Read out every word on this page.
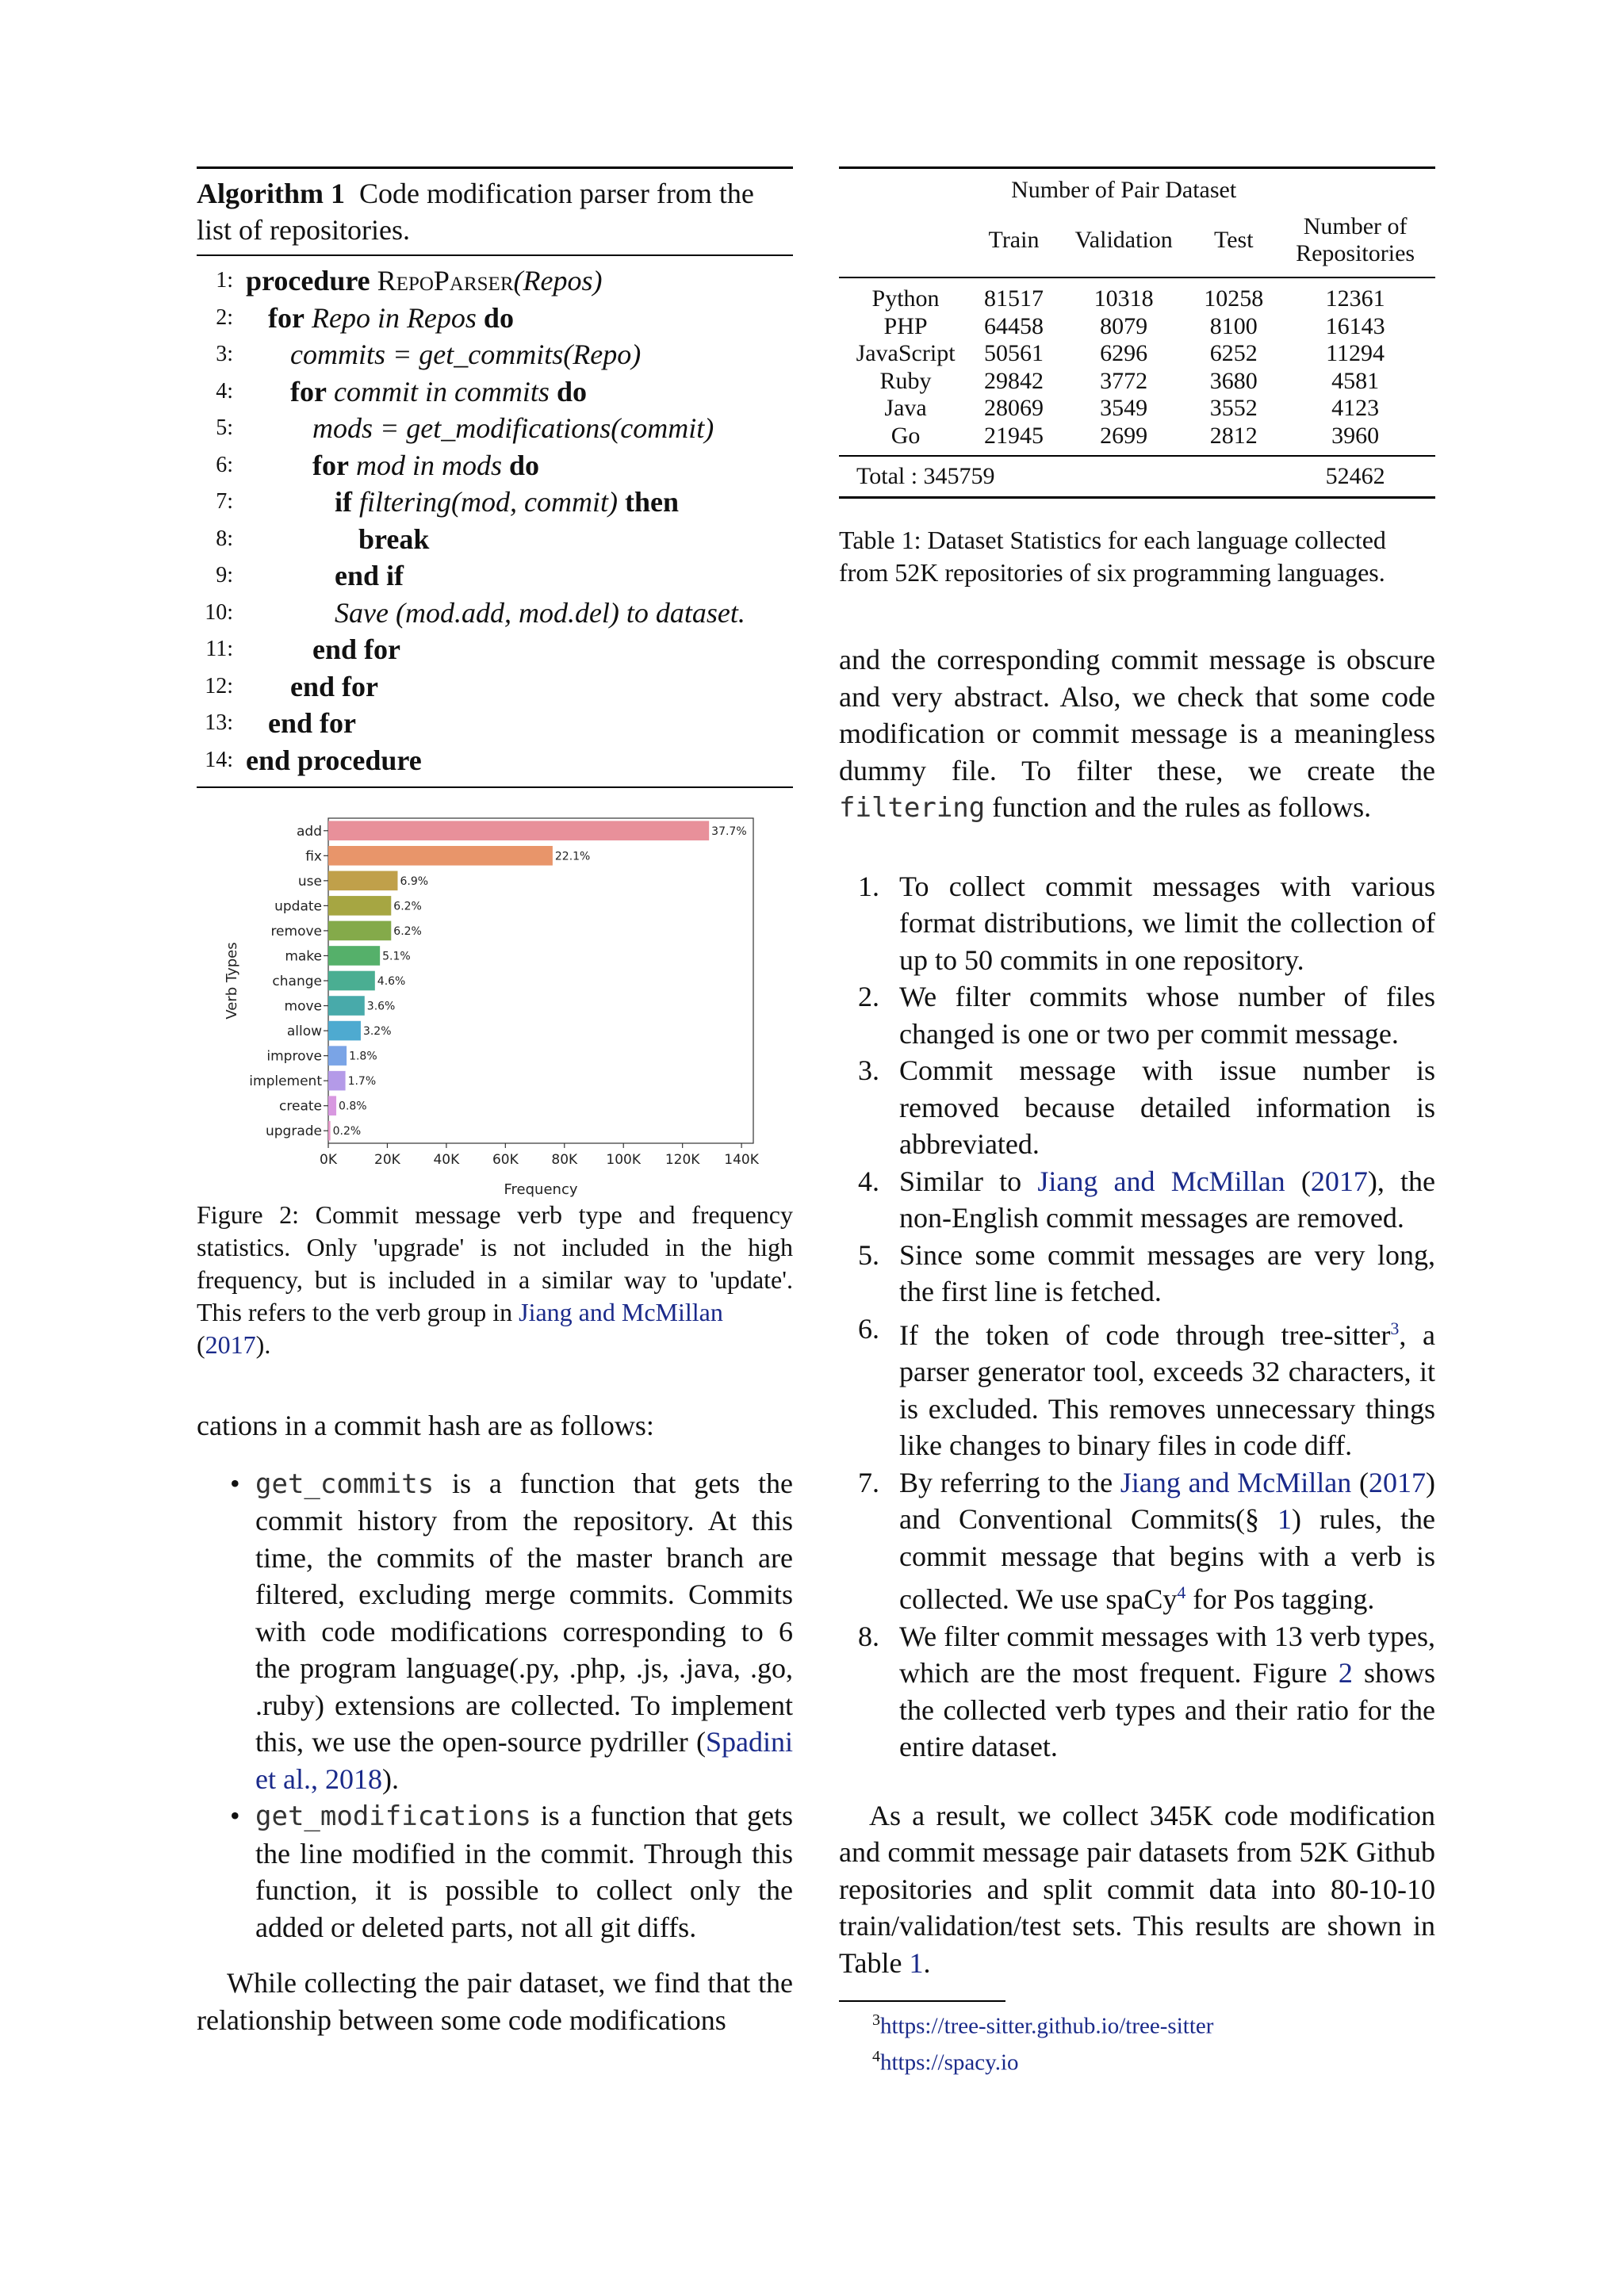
Algorithm 1 Code modification parser from the list of repositories.
1: procedure RepoParser(Repos)
2: for Repo in Repos do
3: commits = get_commits(Repo)
4: for commit in commits do
5:	mods = get_modifications(commit)
6:	for mod in mods do
7:	if filtering(mod, commit) then
8:	break
9:	end if
10:	Save (mod.add, mod.del) to dataset.
11:	end for
12: end for
13: end for
14: end procedure
add	37.7%
fix	22.1%
use	6.9%
update	6.2%
remove	6.2%
make	5.1%
change	4.6%
move	3.6%
allow	3.2%
improve 1.8%
implement 1.7%
create 0.8%
upgrade 0.2%
0K	20K 40K 60K 80K 100K 120K 140K
Frequency
Verb Types
Figure 2: Commit message verb type and frequency statistics. Only 'upgrade' is not included in the high frequency, but is included in a similar way to 'update'. This refers to the verb group in Jiang and McMillan
(2017).
cations in a commit hash are as follows:
• get_commits is a function that gets the commit history from the repository. At this time, the commits of the master branch are filtered, excluding merge commits. Commits with code modifications corresponding to 6 the program language(.py, .php, .js, .java, .go, .ruby) extensions are collected. To implement this, we use the open-source pydriller (Spadini et al., 2018).
• get_modifications is a function that gets the line modified in the commit. Through this function, it is possible to collect only the added or deleted parts, not all git diffs.
While collecting the pair dataset, we find that the relationship between some code modifications
	Number of Pair Dataset			
	Train	Validation	Test	Number of
Repositories

Python	81517	10318	10258	12361
PHP	64458	8079	8100	16143
JavaScript	50561	6296	6252	11294
Ruby	29842	3772	3680	4581
Java	28069	3549	3552	4123
Go	21945	2699	2812	3960

Total : 345759				52462
Table 1: Dataset Statistics for each language collected from 52K repositories of six programming languages.
and the corresponding commit message is obscure and very abstract. Also, we check that some code modification or commit message is a meaningless dummy file. To filter these, we create the filtering function and the rules as follows.
1. To collect commit messages with various format distributions, we limit the collection of up to 50 commits in one repository.
2. We filter commits whose number of files changed is one or two per commit message.
3. Commit message with issue number is removed because detailed information is abbreviated.
4. Similar to Jiang and McMillan (2017), the non-English commit messages are removed.
5. Since some commit messages are very long, the first line is fetched.
6. If the token of code through tree-sitter$^3$, a parser generator tool, exceeds 32 characters, it is excluded. This removes unnecessary things like changes to binary files in code diff.
7. By referring to the Jiang and McMillan (2017) and Conventional Commits(§ 1) rules, the commit message that begins with a verb is collected. We use spaCy$^4$ for Pos tagging.
8. We filter commit messages with 13 verb types, which are the most frequent. Figure 2 shows the collected verb types and their ratio for the entire dataset.
As a result, we collect 345K code modification and commit message pair datasets from 52K Github repositories and split commit data into 80-10-10 train/validation/test sets. This results are shown in Table 1.
$^3$https://tree-sitter.github.io/tree-sitter
$^4$https://spacy.io
